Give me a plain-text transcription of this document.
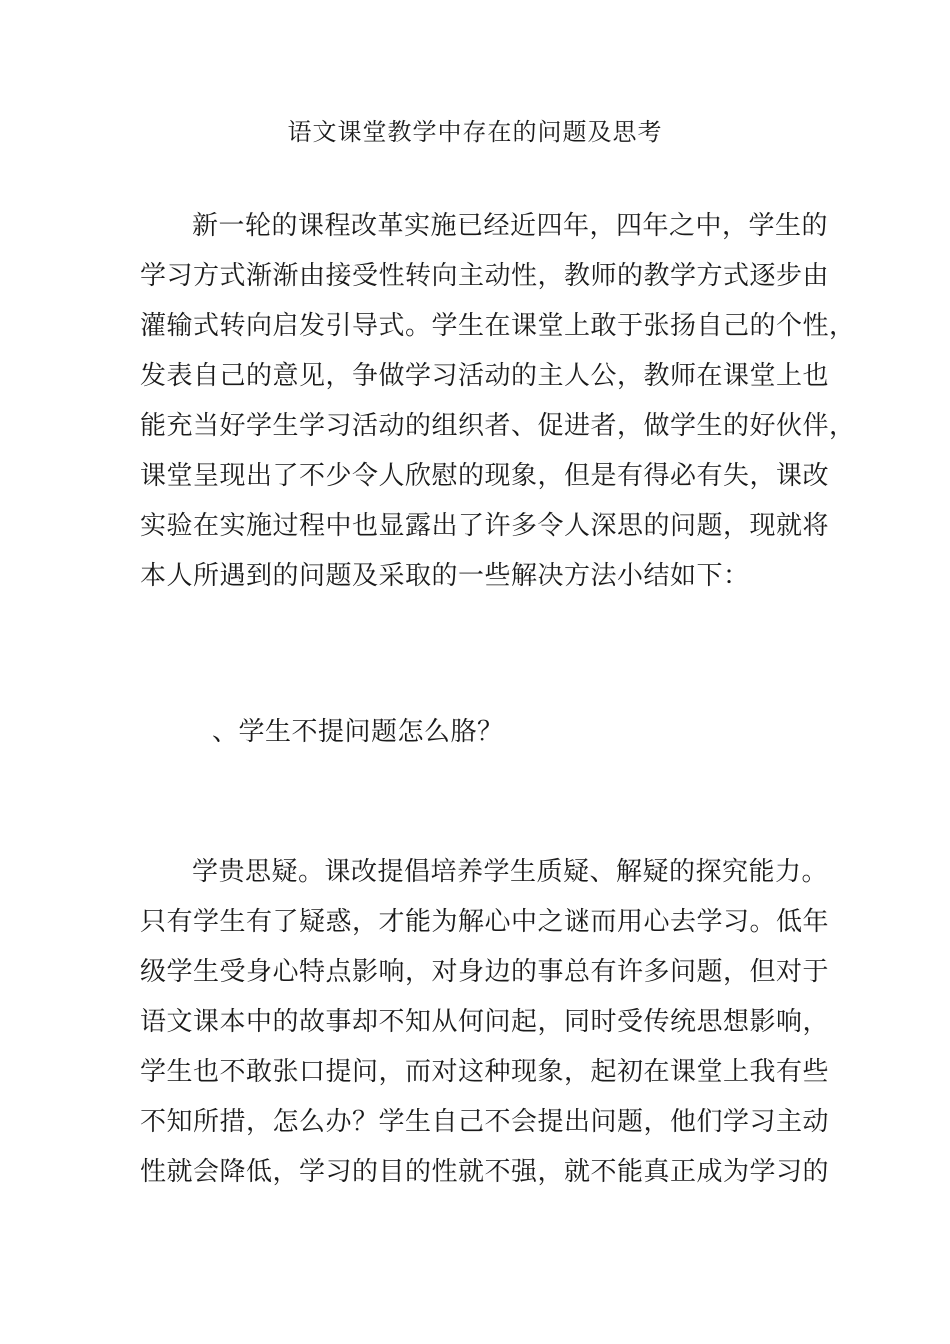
语文课堂教学中存在的问题及思考
新一轮的课程改革实施已经近四年，四年之中，学生的
学习方式渐渐由接受性转向主动性，教师的教学方式逐步由
灌输式转向启发引导式。学生在课堂上敢于张扬自己的个性，
发表自己的意见，争做学习活动的主人公，教师在课堂上也
能充当好学生学习活动的组织者、促进者，做学生的好伙伴，
课堂呈现出了不少令人欣慰的现象，但是有得必有失，课改
实验在实施过程中也显露出了许多令人深思的问题，现就将
本人所遇到的问题及采取的一些解决方法小结如下：
、学生不提问题怎么胳？
学贵思疑。课改提倡培养学生质疑、解疑的探究能力。
只有学生有了疑惑，才能为解心中之谜而用心去学习。低年
级学生受身心特点影响，对身边的事总有许多问题，但对于
语文课本中的故事却不知从何问起，同时受传统思想影响，
学生也不敢张口提问，而对这种现象，起初在课堂上我有些
不知所措，怎么办？学生自己不会提出问题，他们学习主动
性就会降低，学习的目的性就不强，就不能真正成为学习的
